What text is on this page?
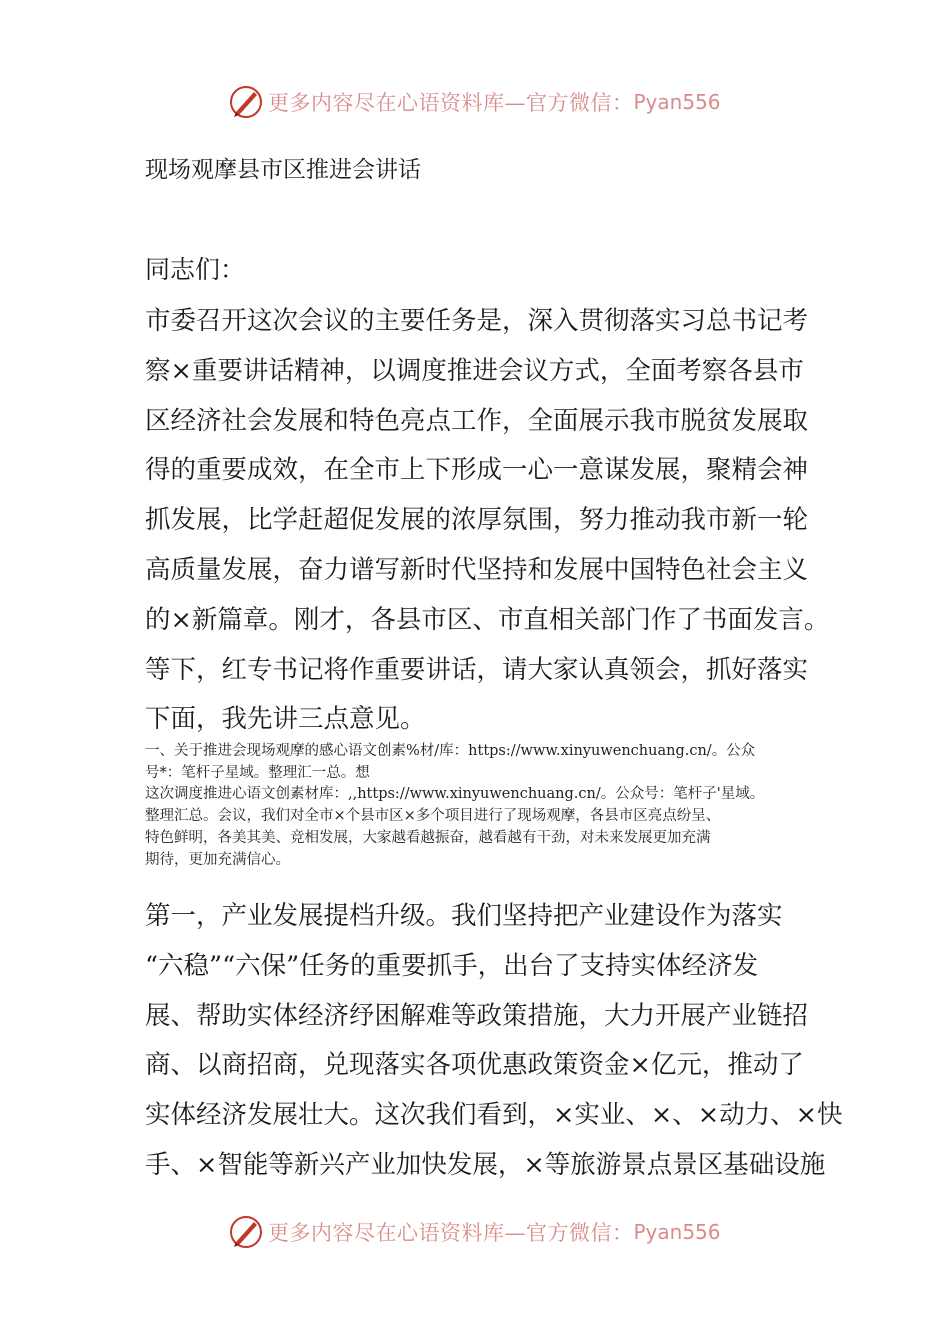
更多内容尽在心语资料库—官方微信： Pyan556
现场观摩县市区推进会讲话
同志们：
市委召开这次会议的主要任务是，深入贯彻落实习总书记考
察×重要讲话精神，以调度推进会议方式，全面考察各县市
区经济社会发展和特色亮点工作，全面展示我市脱贫发展取
得的重要成效，在全市上下形成一心一意谋发展，聚精会神
抓发展，比学赶超促发展的浓厚氛围，努力推动我市新一轮
高质量发展，奋力谱写新时代坚持和发展中国特色社会主义
的×新篇章。刚才，各县市区、市直相关部门作了书面发言。
等下，红专书记将作重要讲话，请大家认真领会，抓好落实
下面，我先讲三点意见。
一、关于推进会现场观摩的感心语文创素%材/库：https://www.xinyuwenchuang.cn/。公众
号*：笔杆子星域。整理汇一总。想
这次调度推进心语文创素材库：,,https://www.xinyuwenchuang.cn/。公众号：笔杆子'星域。
整理汇总。会议，我们对全市×个县市区×多个项目进行了现场观摩，各县市区亮点纷呈、
特色鲜明，各美其美、竞相发展，大家越看越振奋，越看越有干劲，对未来发展更加充满
期待，更加充满信心。
第一，产业发展提档升级。我们坚持把产业建设作为落实
“六稳”“六保”任务的重要抓手，出台了支持实体经济发
展、帮助实体经济纾困解难等政策措施，大力开展产业链招
商、以商招商，兑现落实各项优惠政策资金×亿元，推动了
实体经济发展壮大。这次我们看到，×实业、×、×动力、×快
手、×智能等新兴产业加快发展，×等旅游景点景区基础设施
更多内容尽在心语资料库—官方微信： Pyan556
